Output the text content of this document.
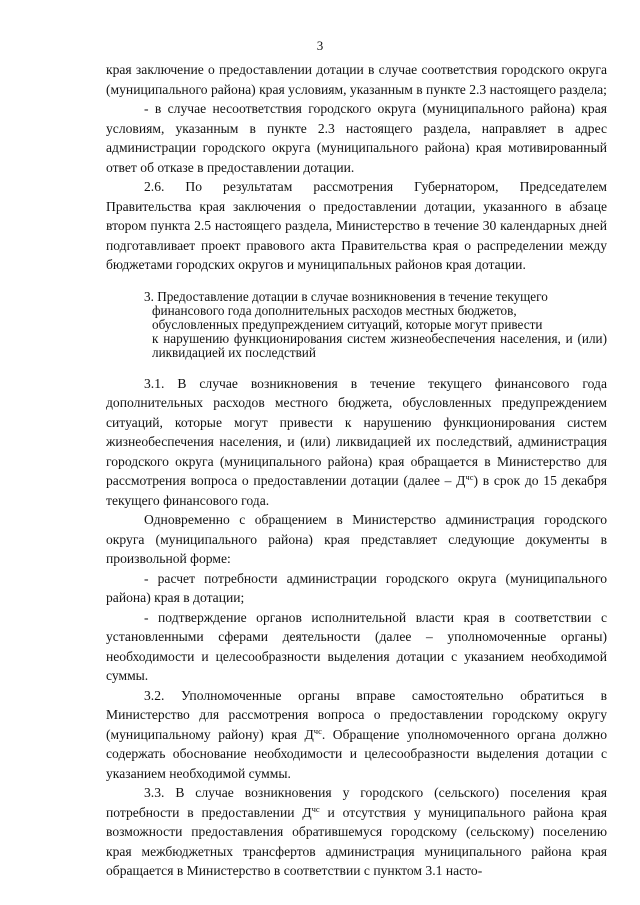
3

края заключение о предоставлении дотации в случае соответствия городского округа (муниципального района) края условиям, указанным в пункте 2.3 настоящего раздела;

- в случае несоответствия городского округа (муниципального района) края условиям, указанным в пункте 2.3 настоящего раздела, направляет в адрес администрации городского округа (муниципального района) края мотивированный ответ об отказе в предоставлении дотации.

2.6. По результатам рассмотрения Губернатором, Председателем Правительства края заключения о предоставлении дотации, указанного в абзаце втором пункта 2.5 настоящего раздела, Министерство в течение 30 календарных дней подготавливает проект правового акта Правительства края о распределении между бюджетами городских округов и муниципальных районов края дотации.

3. Предоставление дотации в случае возникновения в течение текущего
финансового года дополнительных расходов местных бюджетов,
обусловленных предупреждением ситуаций, которые могут привести
к нарушению функционирования систем жизнеобеспечения населения, и (или) ликвидацией их последствий

3.1. В случае возникновения в течение текущего финансового года дополнительных расходов местного бюджета, обусловленных предупреждением ситуаций, которые могут привести к нарушению функционирования систем жизнеобеспечения населения, и (или) ликвидацией их последствий, администрация городского округа (муниципального района) края обращается в Министерство для рассмотрения вопроса о предоставлении дотации (далее – $Д^{чс}$) в срок до 15 декабря текущего финансового года.

Одновременно с обращением в Министерство администрация городского округа (муниципального района) края представляет следующие документы в произвольной форме:

- расчет потребности администрации городского округа (муниципального района) края в дотации;

- подтверждение органов исполнительной власти края в соответствии с установленными сферами деятельности (далее – уполномоченные органы) необходимости и целесообразности выделения дотации с указанием необходимой суммы.

3.2. Уполномоченные органы вправе самостоятельно обратиться в Министерство для рассмотрения вопроса о предоставлении городскому округу (муниципальному району) края $Д^{чс}$. Обращение уполномоченного органа должно содержать обоснование необходимости и целесообразности выделения дотации с указанием необходимой суммы.

3.3. В случае возникновения у городского (сельского) поселения края потребности в предоставлении $Д^{чс}$ и отсутствия у муниципального района края возможности предоставления обратившемуся городскому (сельскому) поселению края межбюджетных трансфертов администрация муниципального района края обращается в Министерство в соответствии с пунктом 3.1 насто-
